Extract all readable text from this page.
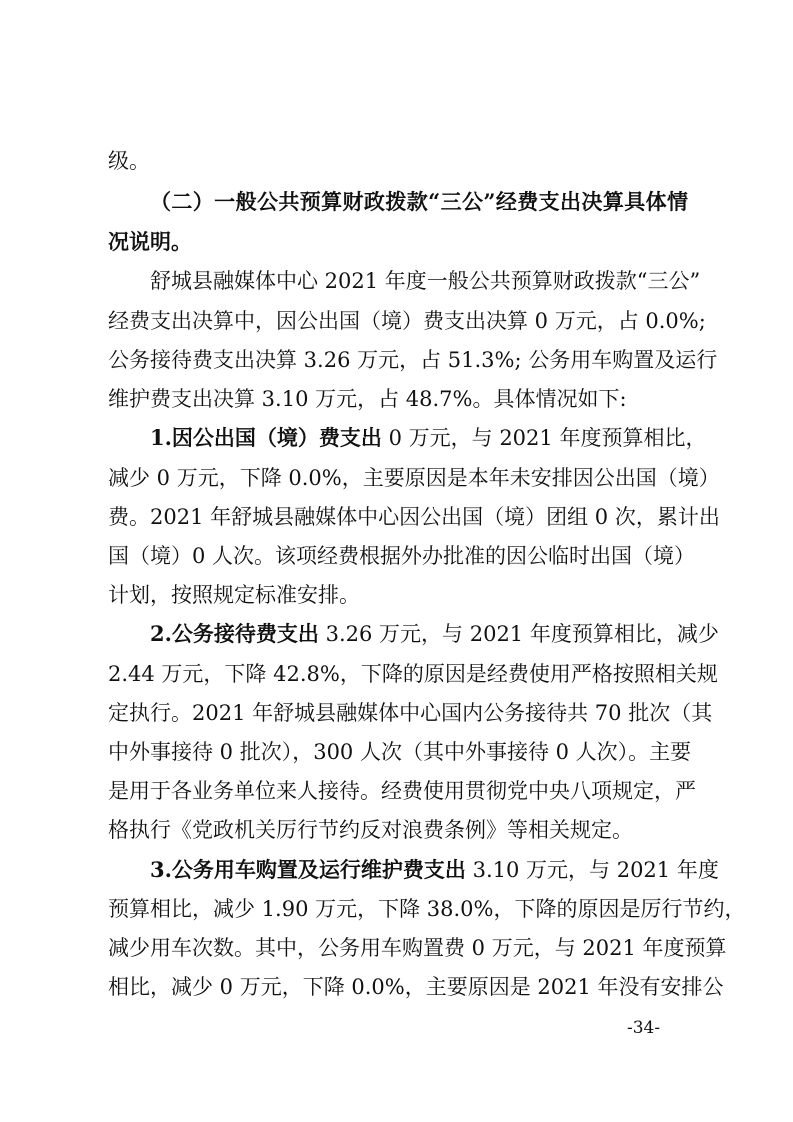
级。
（二）一般公共预算财政拨款“三公”经费支出决算具体情
况说明。
舒城县融媒体中心 2021 年度一般公共预算财政拨款“三公”
经费支出决算中，因公出国（境）费支出决算 0 万元，占 0.0%;
公务接待费支出决算 3.26 万元，占 51.3%; 公务用车购置及运行
维护费支出决算 3.10 万元，占 48.7%。具体情况如下:
1.因公出国（境）费支出 0 万元，与 2021 年度预算相比，
减少 0 万元，下降 0.0%，主要原因是本年未安排因公出国（境）
费。2021 年舒城县融媒体中心因公出国（境）团组 0 次，累计出
国（境）0 人次。该项经费根据外办批准的因公临时出国（境）
计划，按照规定标准安排。
2.公务接待费支出 3.26 万元，与 2021 年度预算相比，减少
2.44 万元，下降 42.8%，下降的原因是经费使用严格按照相关规
定执行。2021 年舒城县融媒体中心国内公务接待共 70 批次（其
中外事接待 0 批次），300 人次（其中外事接待 0 人次）。主要
是用于各业务单位来人接待。经费使用贯彻党中央八项规定，严
格执行《党政机关厉行节约反对浪费条例》等相关规定。
3.公务用车购置及运行维护费支出 3.10 万元，与 2021 年度
预算相比，减少 1.90 万元，下降 38.0%，下降的原因是厉行节约，
减少用车次数。其中，公务用车购置费 0 万元，与 2021 年度预算
相比，减少 0 万元，下降 0.0%，主要原因是 2021 年没有安排公
-34-
